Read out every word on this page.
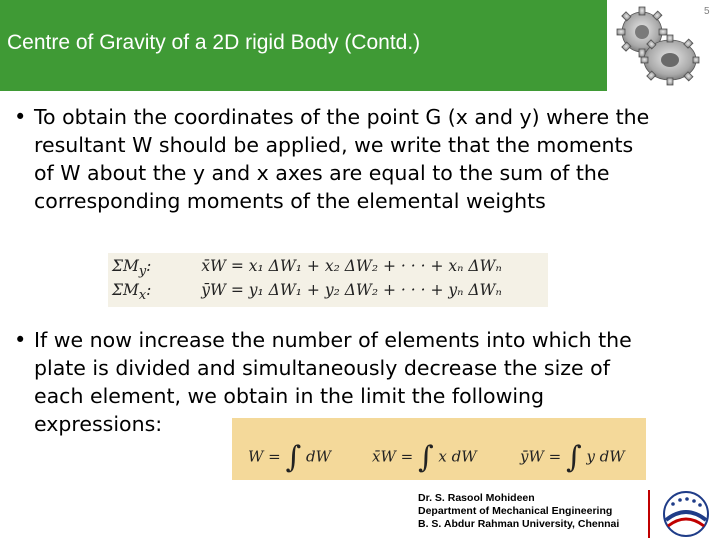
Centre of Gravity of a 2D rigid Body (Contd.)
5
• To obtain the coordinates of the point G (x and y) where the
resultant W should be applied, we write that the moments
of W about the y and x axes are equal to the sum of the
corresponding moments of the elemental weights
$\Sigma M_y$:	x̄W = x₁ ΔW₁ + x₂ ΔW₂ + · · · + xₙ ΔWₙ
$\Sigma M_x$:	ȳW = y₁ ΔW₁ + y₂ ΔW₂ + · · · + yₙ ΔWₙ
• If we now increase the number of elements into which the
plate is divided and simultaneously decrease the size of
each element, we obtain in the limit the following
expressions:
W = ∫ dW	x̄W = ∫ x dW	ȳW = ∫ y dW
Dr. S. Rasool Mohideen
Department of Mechanical Engineering
B. S. Abdur Rahman University, Chennai
